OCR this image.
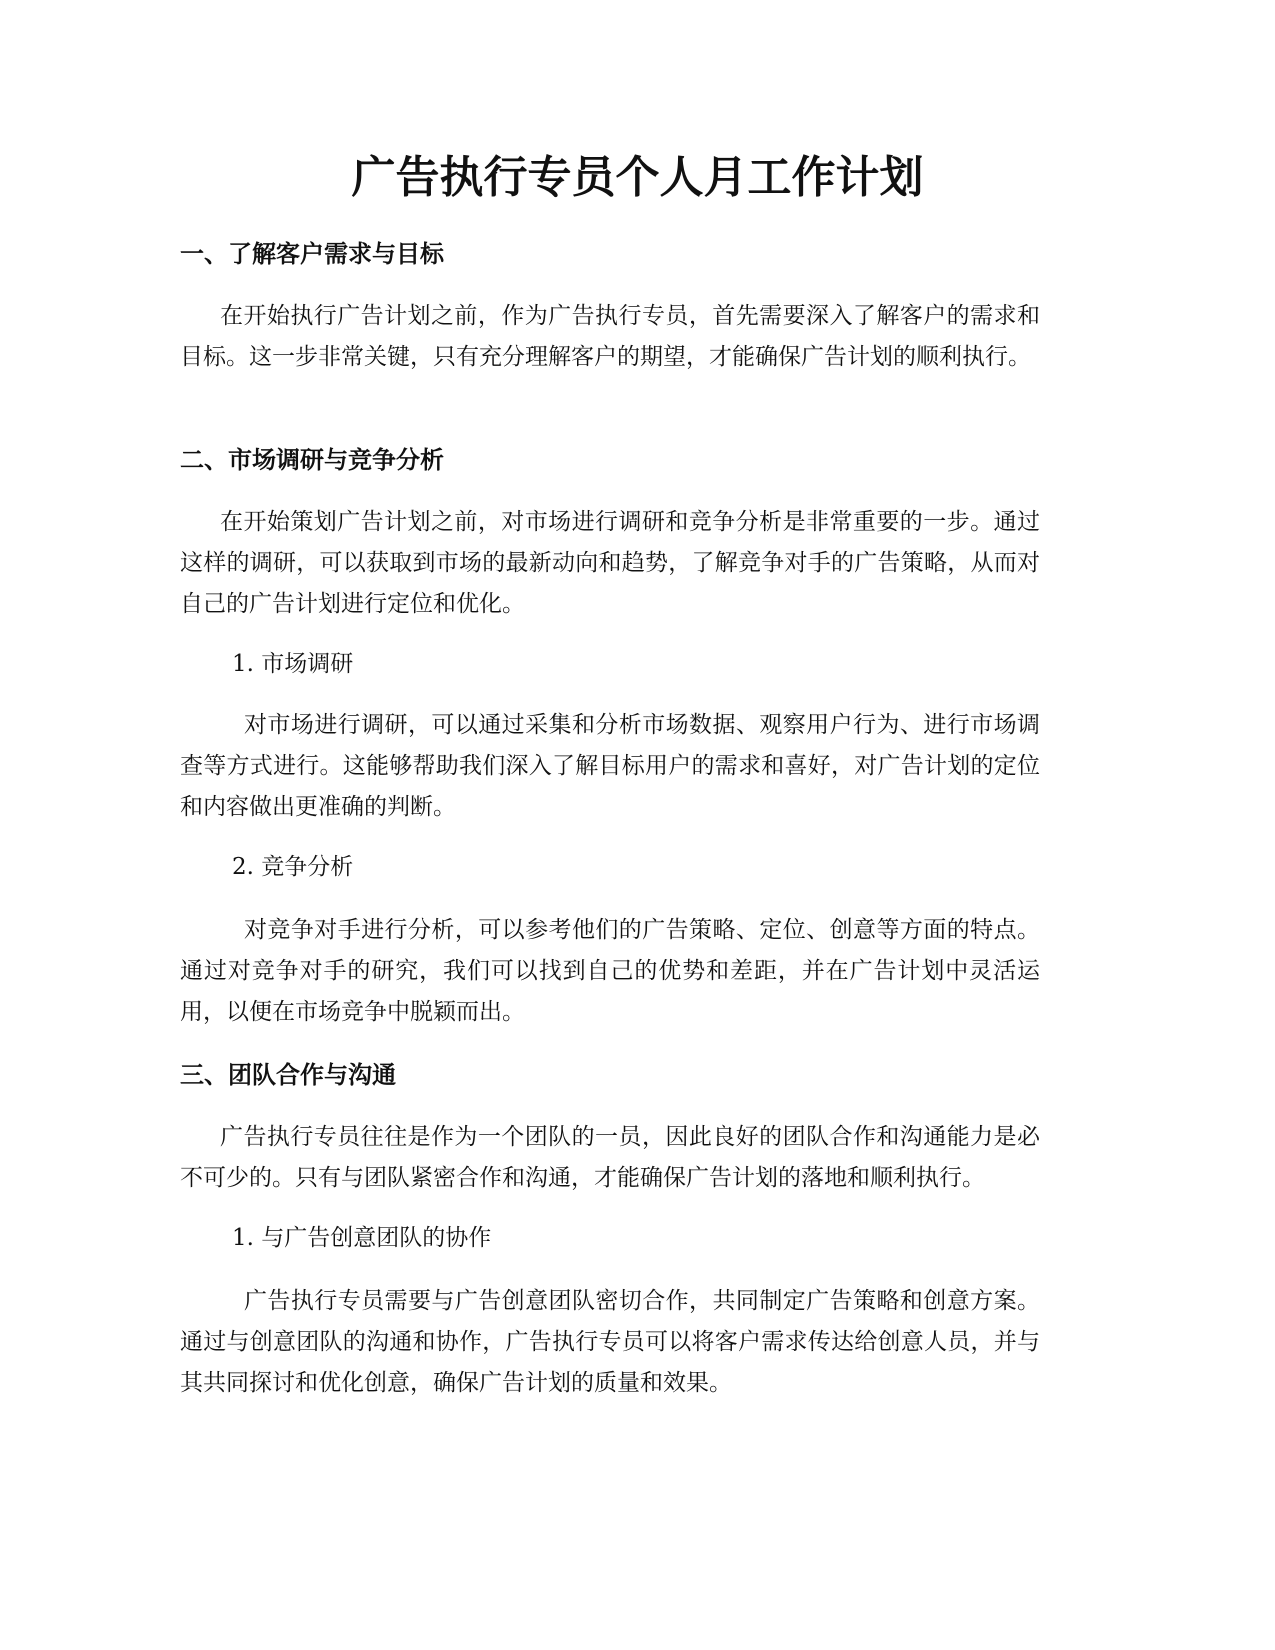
广告执行专员个人月工作计划
一、了解客户需求与目标

在开始执行广告计划之前，作为广告执行专员，首先需要深入了解客户的需求和目标。这一步非常关键，只有充分理解客户的期望，才能确保广告计划的顺利执行。

二、市场调研与竞争分析

在开始策划广告计划之前，对市场进行调研和竞争分析是非常重要的一步。通过这样的调研，可以获取到市场的最新动向和趋势，了解竞争对手的广告策略，从而对自己的广告计划进行定位和优化。

1. 市场调研

对市场进行调研，可以通过采集和分析市场数据、观察用户行为、进行市场调查等方式进行。这能够帮助我们深入了解目标用户的需求和喜好，对广告计划的定位和内容做出更准确的判断。

2. 竞争分析

对竞争对手进行分析，可以参考他们的广告策略、定位、创意等方面的特点。通过对竞争对手的研究，我们可以找到自己的优势和差距，并在广告计划中灵活运用，以便在市场竞争中脱颖而出。

三、团队合作与沟通

广告执行专员往往是作为一个团队的一员，因此良好的团队合作和沟通能力是必不可少的。只有与团队紧密合作和沟通，才能确保广告计划的落地和顺利执行。

1. 与广告创意团队的协作

广告执行专员需要与广告创意团队密切合作，共同制定广告策略和创意方案。通过与创意团队的沟通和协作，广告执行专员可以将客户需求传达给创意人员，并与其共同探讨和优化创意，确保广告计划的质量和效果。
